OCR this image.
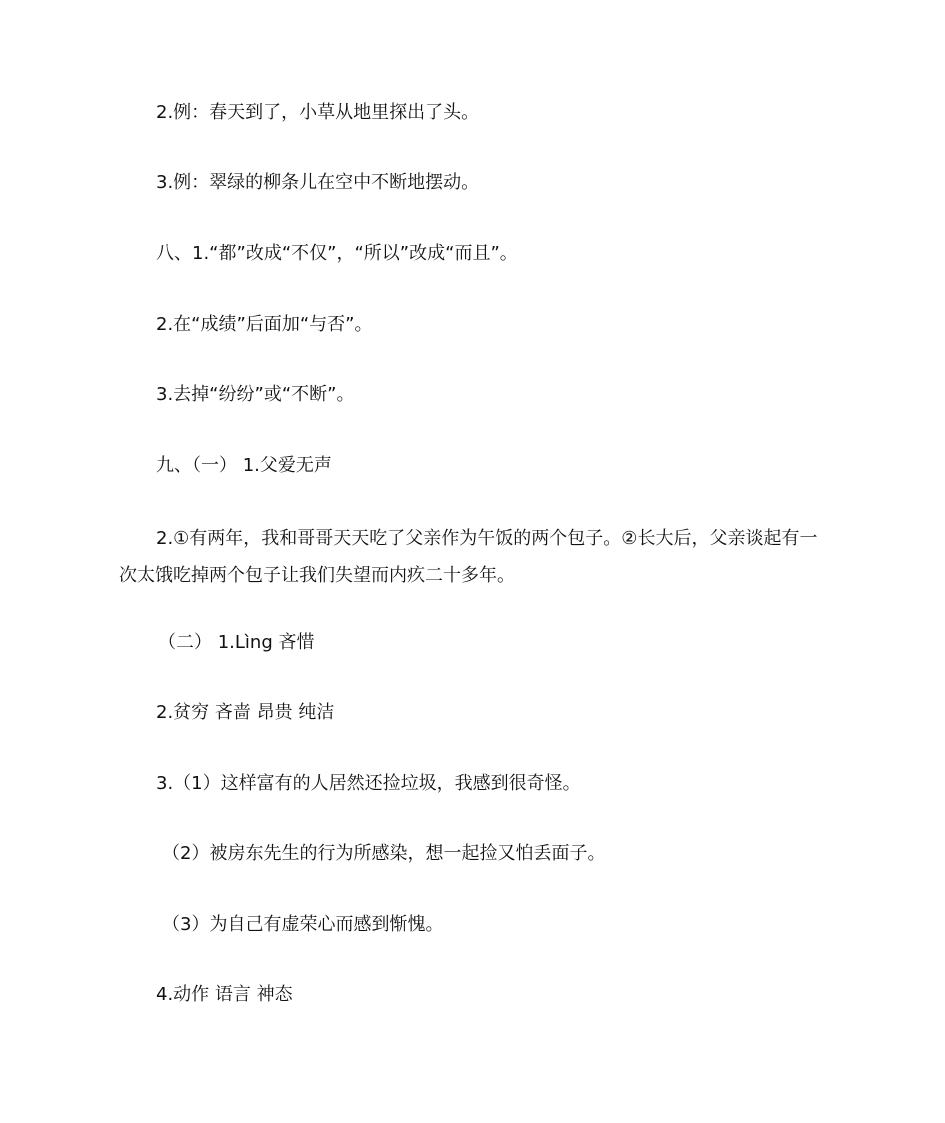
2.例：春天到了，小草从地里探出了头。
3.例：翠绿的柳条儿在空中不断地摆动。
八、1.“都”改成“不仅”，“所以”改成“而且”。
2.在“成绩”后面加“与否”。
3.去掉“纷纷”或“不断”。
九、（一） 1.父爱无声
2.①有两年，我和哥哥天天吃了父亲作为午饭的两个包子。②长大后，父亲谈起有一次太饿吃掉两个包子让我们失望而内疚二十多年。
（二） 1.Lìng 吝惜
2.贫穷 吝啬 昂贵 纯洁
3.（1）这样富有的人居然还捡垃圾，我感到很奇怪。
（2）被房东先生的行为所感染，想一起捡又怕丢面子。
（3）为自己有虚荣心而感到惭愧。
4.动作 语言 神态
